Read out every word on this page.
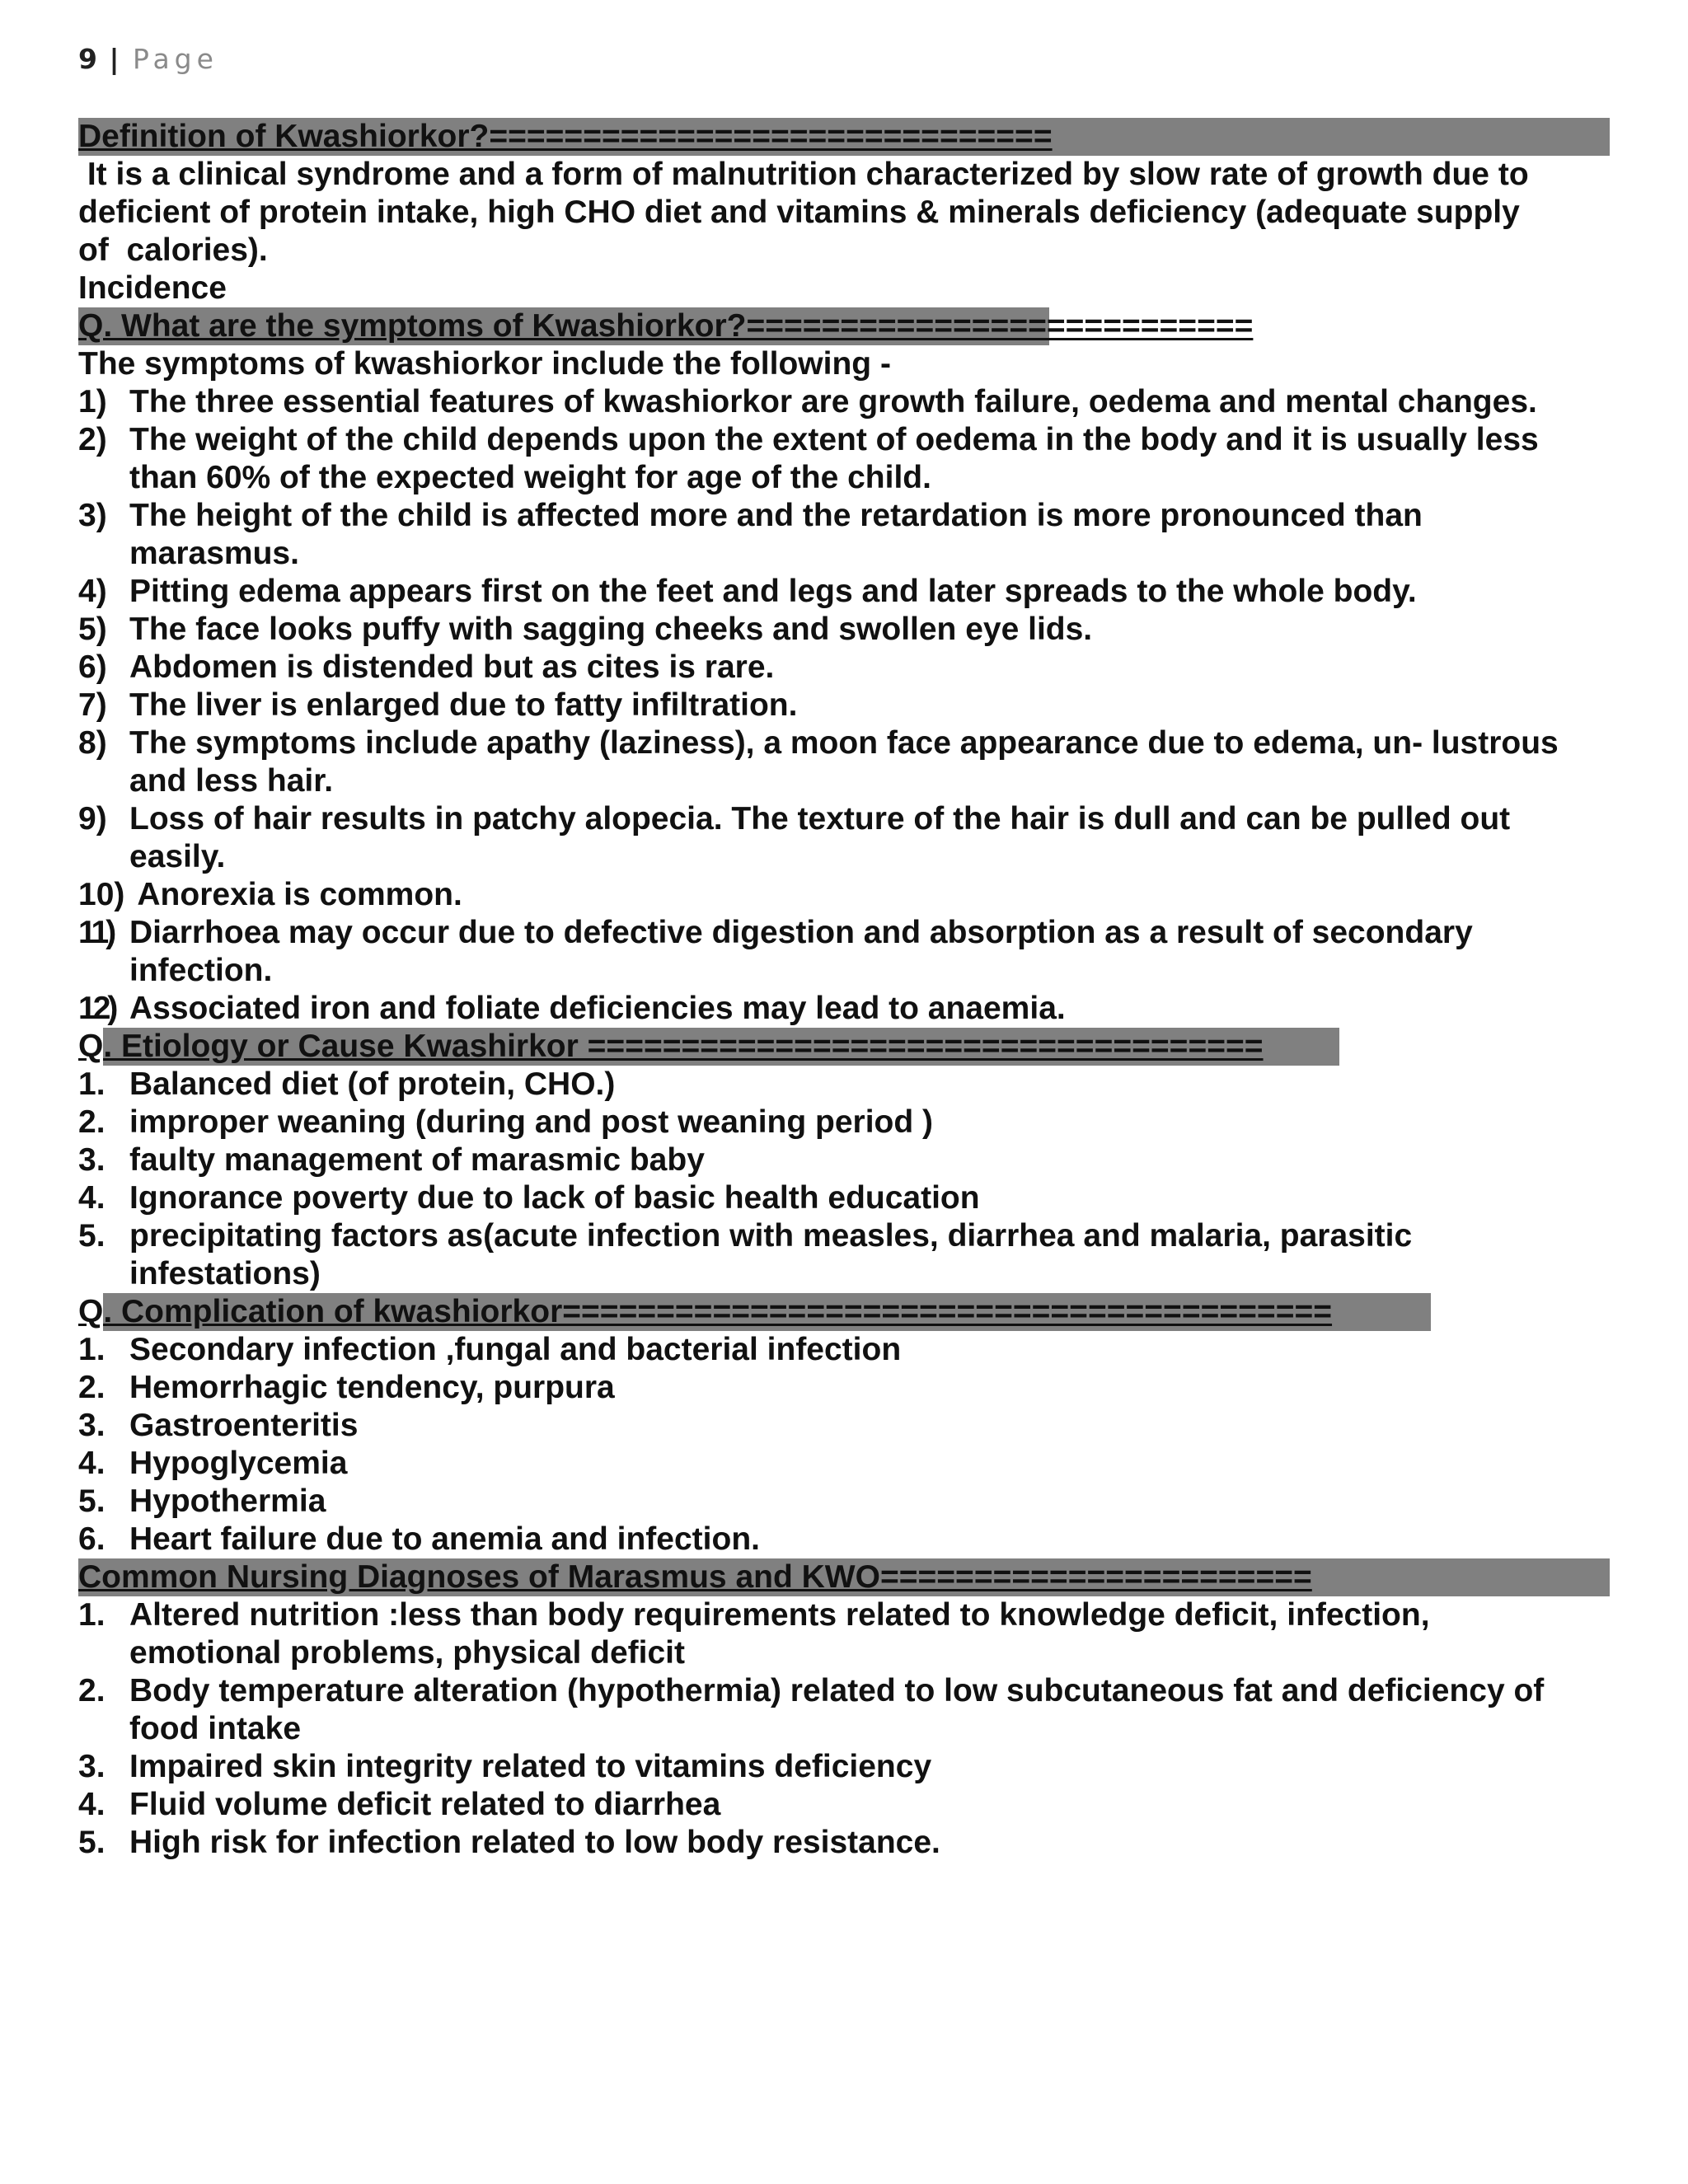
9 | Page
Definition of Kwashiorkor?==============================
It is a clinical syndrome and a form of malnutrition characterized by slow rate of growth due to
deficient of protein intake, high CHO diet and vitamins & minerals deficiency (adequate supply
of  calories).
Incidence
Q. What are the symptoms of Kwashiorkor?===========================
The symptoms of kwashiorkor include the following -
1) The three essential features of kwashiorkor are growth failure, oedema and mental changes.
2) The weight of the child depends upon the extent of oedema in the body and it is usually less
than 60% of the expected weight for age of the child.
3) The height of the child is affected more and the retardation is more pronounced than
marasmus.
4) Pitting edema appears first on the feet and legs and later spreads to the whole body.
5) The face looks puffy with sagging cheeks and swollen eye lids.
6) Abdomen is distended but as cites is rare.
7) The liver is enlarged due to fatty infiltration.
8) The symptoms include apathy (laziness), a moon face appearance due to edema, un- lustrous
and less hair.
9) Loss of hair results in patchy alopecia. The texture of the hair is dull and can be pulled out
easily.
10) Anorexia is common.
11) Diarrhoea may occur due to defective digestion and absorption as a result of secondary
infection.
12) Associated iron and foliate deficiencies may lead to anaemia.
Q. Etiology or Cause Kwashirkor ====================================
1. Balanced diet (of protein, CHO.)
2. improper weaning (during and post weaning period )
3. faulty management of marasmic baby
4. Ignorance poverty due to lack of basic health education
5. precipitating factors as(acute infection with measles, diarrhea and malaria, parasitic
infestations)
Q. Complication of kwashiorkor=========================================
1. Secondary infection ,fungal and bacterial infection
2. Hemorrhagic tendency, purpura
3. Gastroenteritis
4. Hypoglycemia
5. Hypothermia
6. Heart failure due to anemia and infection.
Common Nursing Diagnoses of Marasmus and KWO=======================
1. Altered nutrition :less than body requirements related to knowledge deficit, infection,
emotional problems, physical deficit
2. Body temperature alteration (hypothermia) related to low subcutaneous fat and deficiency of
food intake
3. Impaired skin integrity related to vitamins deficiency
4. Fluid volume deficit related to diarrhea
5. High risk for infection related to low body resistance.
